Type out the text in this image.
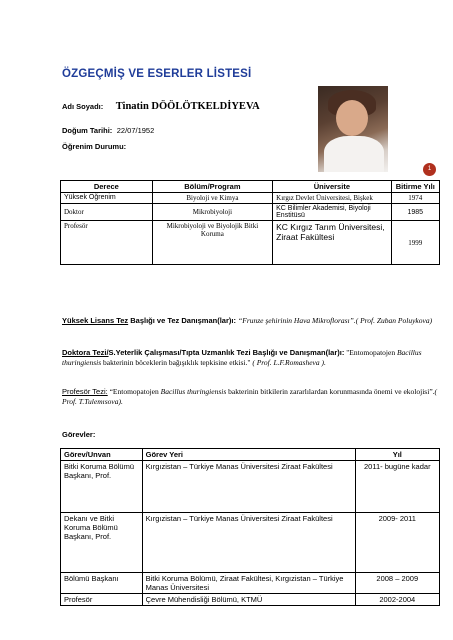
ÖZGEÇMİŞ VE ESERLER LİSTESİ
Adı Soyadı: Tinatin DÖÖLÖTKELDİYEVA
Doğum Tarihi: 22/07/1952
Öğrenim Durumu:
1
Derece	Bölüm/Program	Üniversite	Bitirme Yılı
Yüksek Öğrenim	Biyoloji ve Kimya	Kırgız Devlet Üniversitesi, Bişkek	1974
Doktor	Mikrobiyoloji	KC Bilimler Akademisi, Biyoloji Enstitüsü	1985
Profesör	Mikrobiyoloji ve Biyolojik Bitki Koruma	KC Kırgız Tarım Üniversitesi, Ziraat Fakültesi	1999
Yüksek Lisans Tez Başlığı ve Tez Danışman(lar)ı: “Frunze şehirinin Hava Mikroflorası”.( Prof. Zuban Poluykova)
Doktora Tezi/S.Yeterlik Çalışması/Tıpta Uzmanlık Tezi Başlığı ve Danışman(lar)ı: "Entomopatojen Bacillus thuringiensis bakterinin böceklerin bağışıklık tepkisine etkisi." ( Prof. L.F.Romasheva ).
Profesör Tezi: “Entomopatojen Bacillus thuringiensis bakterinin bitkilerin zararlılardan korunmasında önemi ve ekolojisi”.( Prof. T.Tulemısova).
Görevler:
Görev/Unvan	Görev Yeri	Yıl
Bitki Koruma Bölümü Başkanı, Prof.	Kırgızistan – Türkiye Manas Üniversitesi Ziraat Fakültesi	2011- bugüne kadar
Dekanı ve Bitki Koruma Bölümü Başkanı, Prof.	Kırgızistan – Türkiye Manas Üniversitesi Ziraat Fakültesi	2009- 2011
Bölümü Başkanı	Bitki Koruma Bölümü, Ziraat Fakültesi, Kırgızistan – Türkiye Manas Üniversitesi	2008 – 2009
Profesör	Çevre Mühendisliği Bölümü, KTMÜ	2002-2004
